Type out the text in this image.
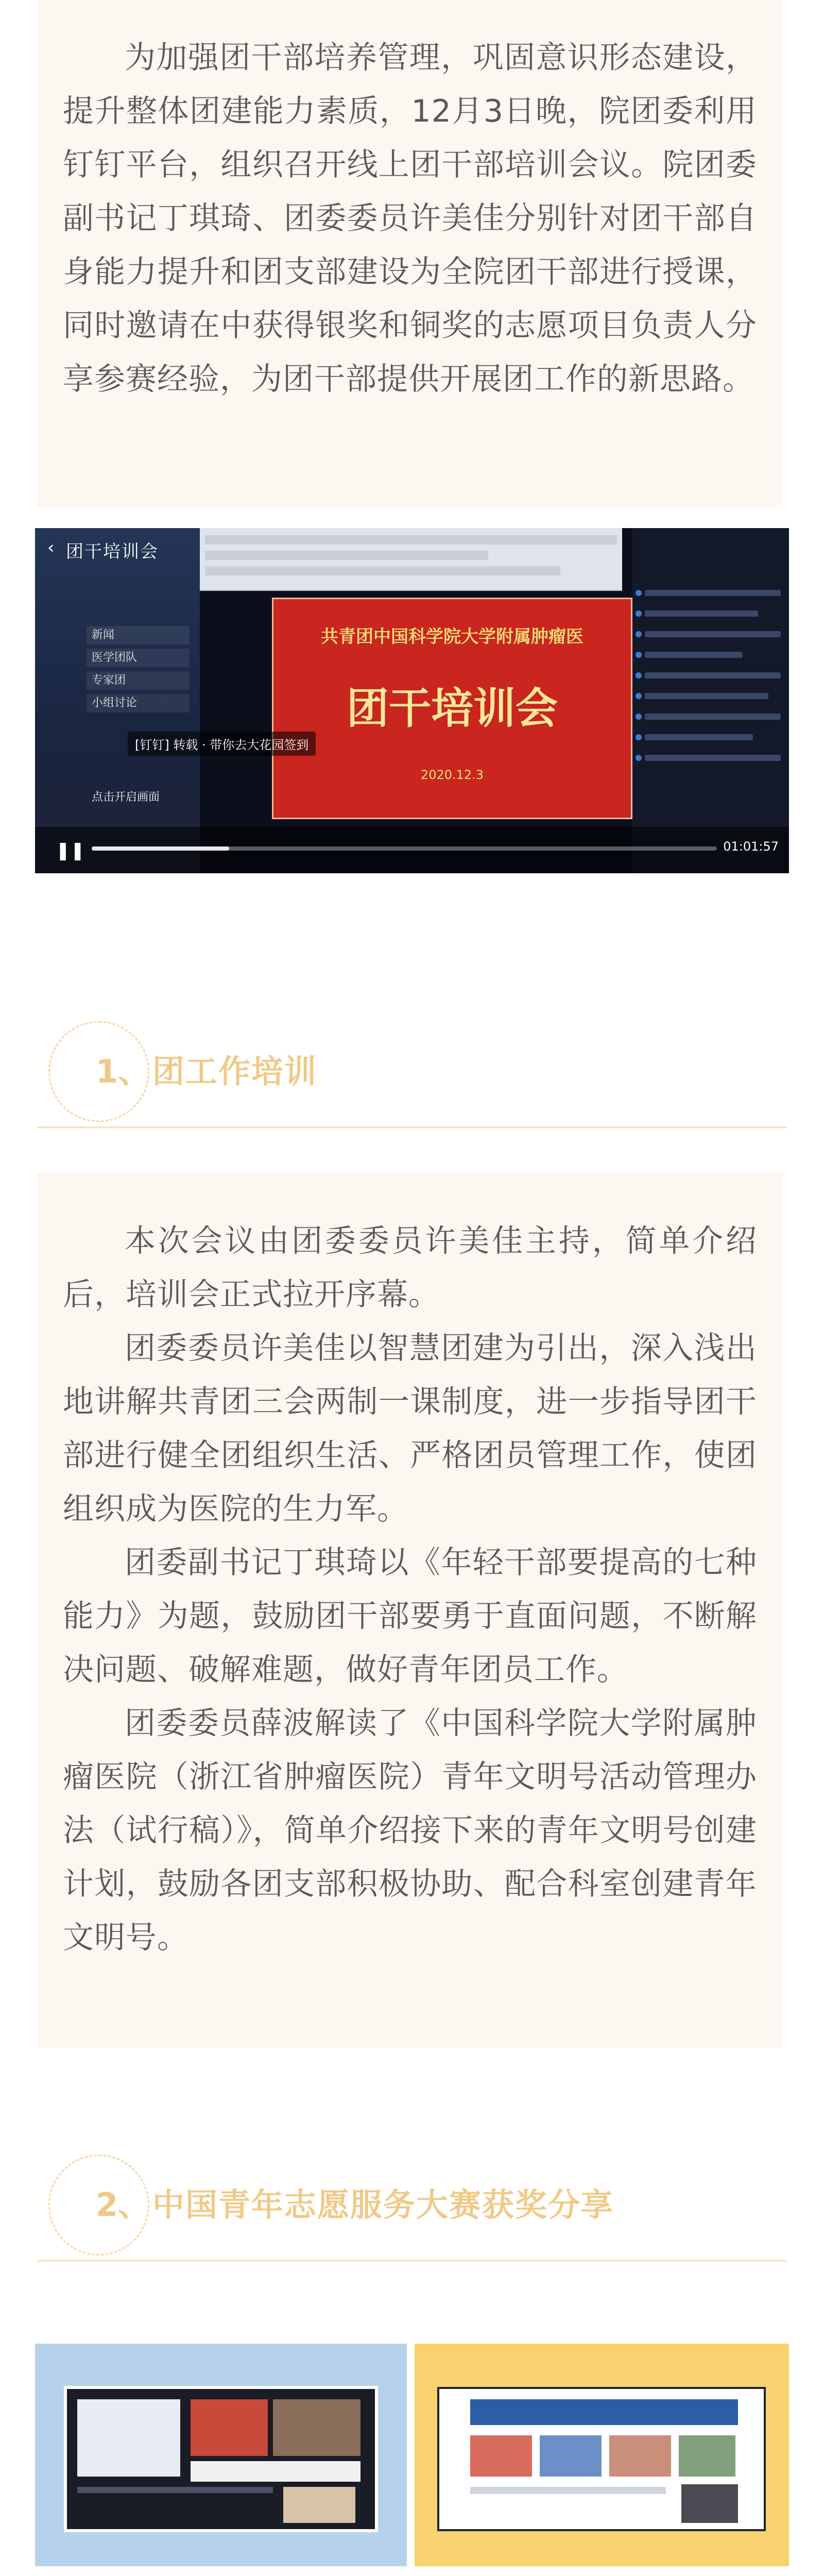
为加强团干部培养管理，巩固意识形态建设，提升整体团建能力素质，12月3日晚，院团委利用钉钉平台，组织召开线上团干部培训会议。院团委副书记丁琪琦、团委委员许美佳分别针对团干部自身能力提升和团支部建设为全院团干部进行授课，同时邀请在中获得银奖和铜奖的志愿项目负责人分享参赛经验，为团干部提供开展团工作的新思路。

共青团中国科学院大学附属肿瘤医
团干培训会
2020.12.3
‹ 团干培训会
新闻
医学团队
专家团
小组讨论
[钉钉] 转载 · 带你去大花园签到
点击开启画面
❚❚	01:01:57
1、 团工作培训

本次会议由团委委员许美佳主持，简单介绍后，培训会正式拉开序幕。

团委委员许美佳以智慧团建为引出，深入浅出地讲解共青团三会两制一课制度，进一步指导团干部进行健全团组织生活、严格团员管理工作，使团组织成为医院的生力军。

团委副书记丁琪琦以《年轻干部要提高的七种能力》为题，鼓励团干部要勇于直面问题，不断解决问题、破解难题，做好青年团员工作。

团委委员薛波解读了《中国科学院大学附属肿瘤医院（浙江省肿瘤医院）青年文明号活动管理办法（试行稿）》，简单介绍接下来的青年文明号创建计划，鼓励各团支部积极协助、配合科室创建青年文明号。

2、 中国青年志愿服务大赛获奖分享
